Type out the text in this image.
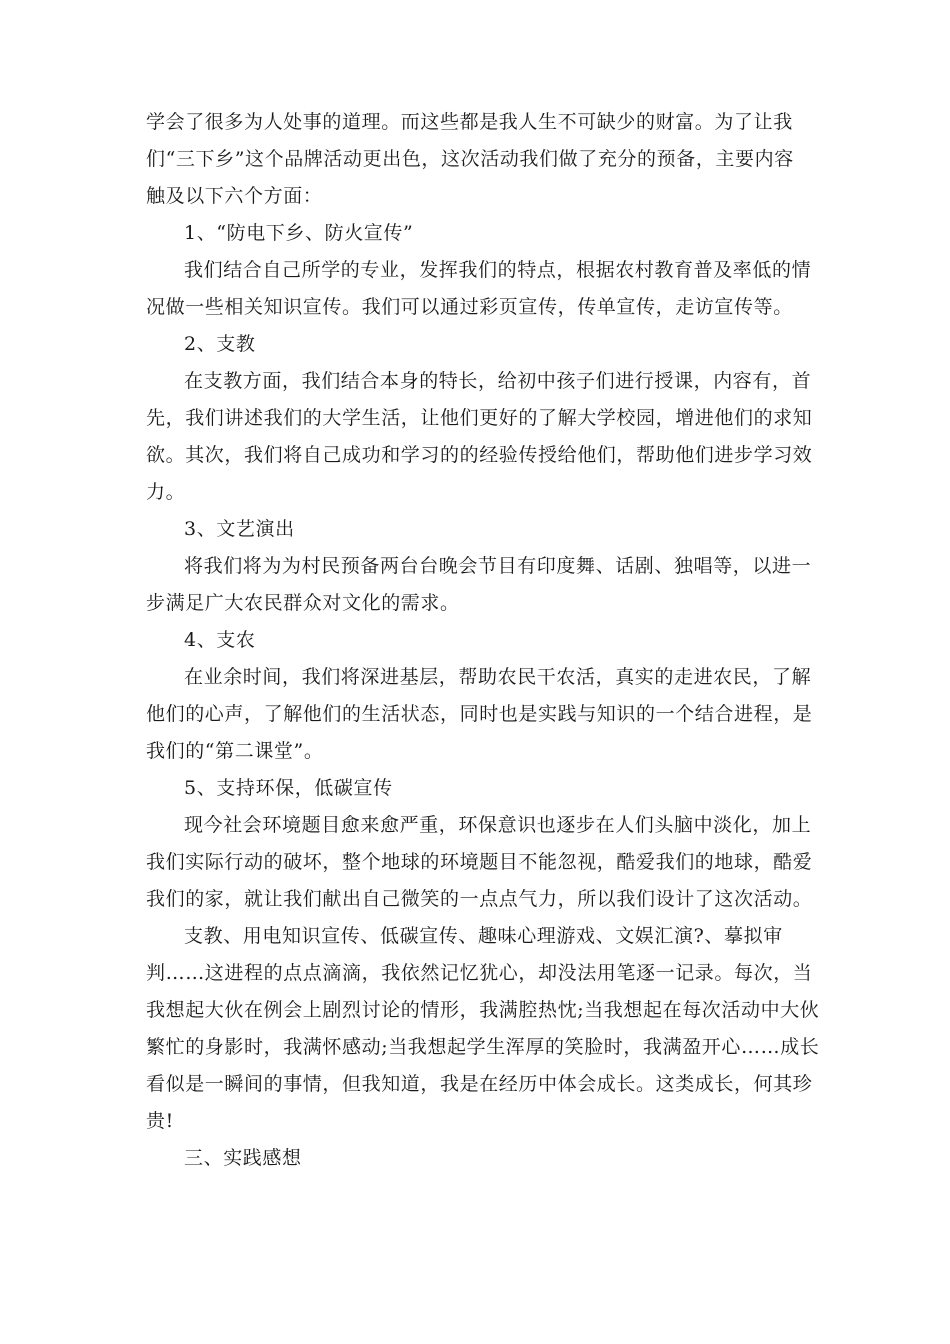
学会了很多为人处事的道理。而这些都是我人生不可缺少的财富。为了让我
们“三下乡”这个品牌活动更出色，这次活动我们做了充分的预备，主要内容
触及以下六个方面：
1、“防电下乡、防火宣传”
我们结合自己所学的专业，发挥我们的特点，根据农村教育普及率低的情
况做一些相关知识宣传。我们可以通过彩页宣传，传单宣传，走访宣传等。
2、支教
在支教方面，我们结合本身的特长，给初中孩子们进行授课，内容有，首
先，我们讲述我们的大学生活，让他们更好的了解大学校园，增进他们的求知
欲。其次，我们将自己成功和学习的的经验传授给他们，帮助他们进步学习效
力。
3、文艺演出
将我们将为为村民预备两台台晚会节目有印度舞、话剧、独唱等，以进一
步满足广大农民群众对文化的需求。
4、支农
在业余时间，我们将深进基层，帮助农民干农活，真实的走进农民，了解
他们的心声，了解他们的生活状态，同时也是实践与知识的一个结合进程，是
我们的“第二课堂”。
5、支持环保，低碳宣传
现今社会环境题目愈来愈严重，环保意识也逐步在人们头脑中淡化，加上
我们实际行动的破坏，整个地球的环境题目不能忽视，酷爱我们的地球，酷爱
我们的家，就让我们献出自己微笑的一点点气力，所以我们设计了这次活动。
支教、用电知识宣传、低碳宣传、趣味心理游戏、文娱汇演?、摹拟审
判……这进程的点点滴滴，我依然记忆犹心，却没法用笔逐一记录。每次，当
我想起大伙在例会上剧烈讨论的情形，我满腔热忱;当我想起在每次活动中大伙
繁忙的身影时，我满怀感动;当我想起学生浑厚的笑脸时，我满盈开心……成长
看似是一瞬间的事情，但我知道，我是在经历中体会成长。这类成长，何其珍
贵!
三、实践感想
